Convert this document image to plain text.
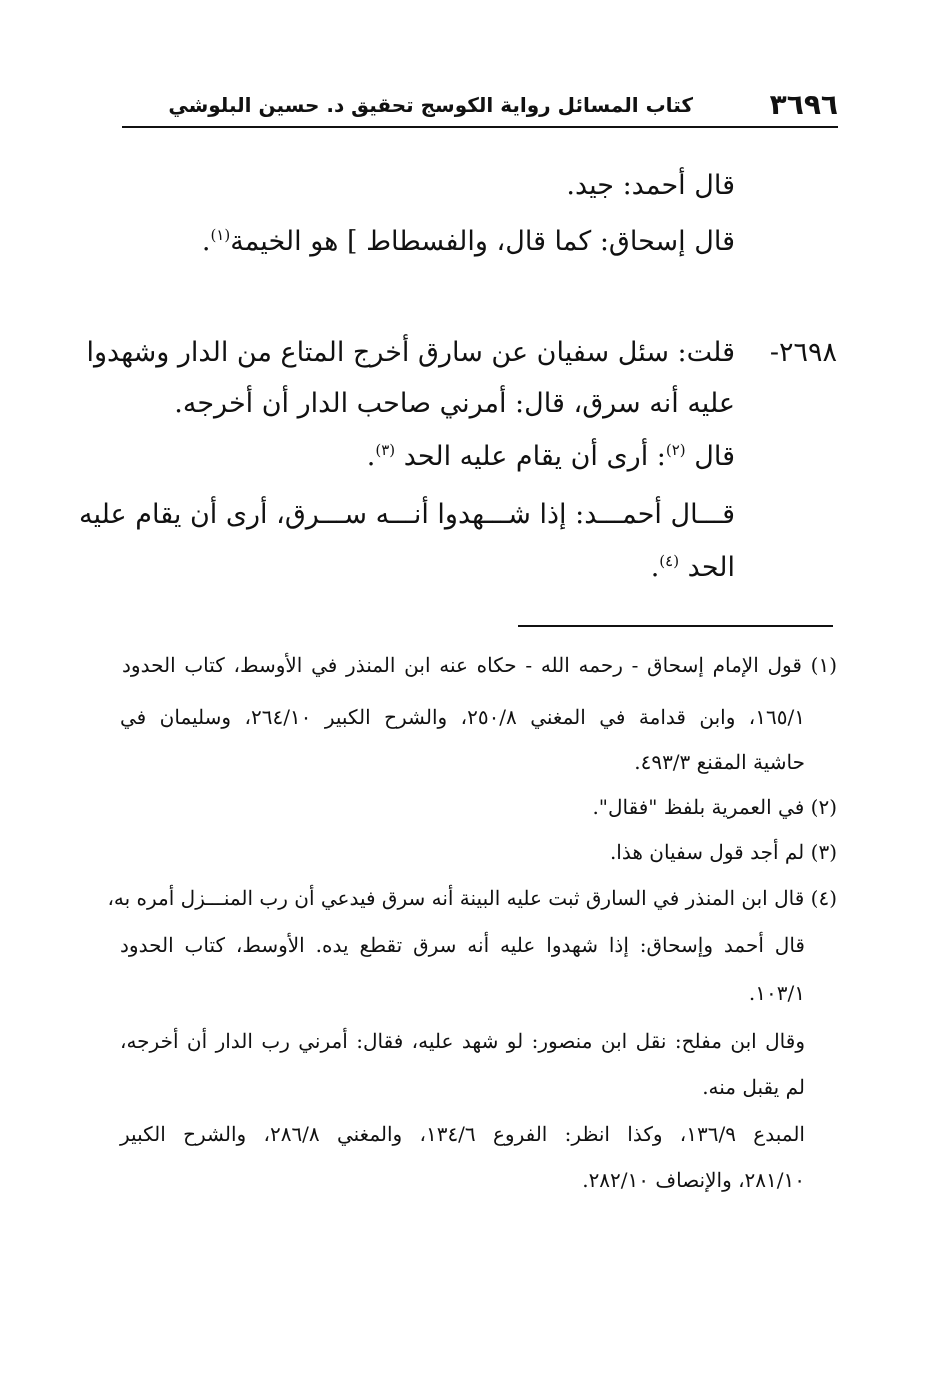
٣٦٩٦
كتاب المسائل رواية الكوسج تحقيق د. حسين البلوشي
قال أحمد: جيد.
قال إسحاق: كما قال، والفسطاط ] هو الخيمة$^{(١)}$.
٢٦٩٨-
قلت: سئل سفيان عن سارق أخرج المتاع من الدار وشهدوا
عليه أنه سرق، قال: أمرني صاحب الدار أن أخرجه.
قال $^{(٢)}$: أرى أن يقام عليه الحد $^{(٣)}$.
قـــال أحمـــد: إذا شـــهدوا أنـــه ســـرق، أرى أن يقام عليه
الحد $^{(٤)}$.
(١) قول الإمام إسحاق - رحمه الله - حكاه عنه ابن المنذر في الأوسط، كتاب الحدود
١٦٥/١، وابن قدامة في المغني ٢٥٠/٨، والشرح الكبير ٢٦٤/١٠، وسليمان في
حاشية المقنع ٤٩٣/٣.
(٢) في العمرية بلفظ "فقال".
(٣) لم أجد قول سفيان هذا.
(٤) قال ابن المنذر في السارق ثبت عليه البينة أنه سرق فيدعي أن رب المنـــزل أمره به،
قال أحمد وإسحاق: إذا شهدوا عليه أنه سرق تقطع يده. الأوسط، كتاب الحدود
١٠٣/١.
وقال ابن مفلح: نقل ابن منصور: لو شهد عليه، فقال: أمرني رب الدار أن أخرجه،
لم يقبل منه.
المبدع ١٣٦/٩، وكذا انظر: الفروع ١٣٤/٦، والمغني ٢٨٦/٨، والشرح الكبير
٢٨١/١٠، والإنصاف ٢٨٢/١٠.
